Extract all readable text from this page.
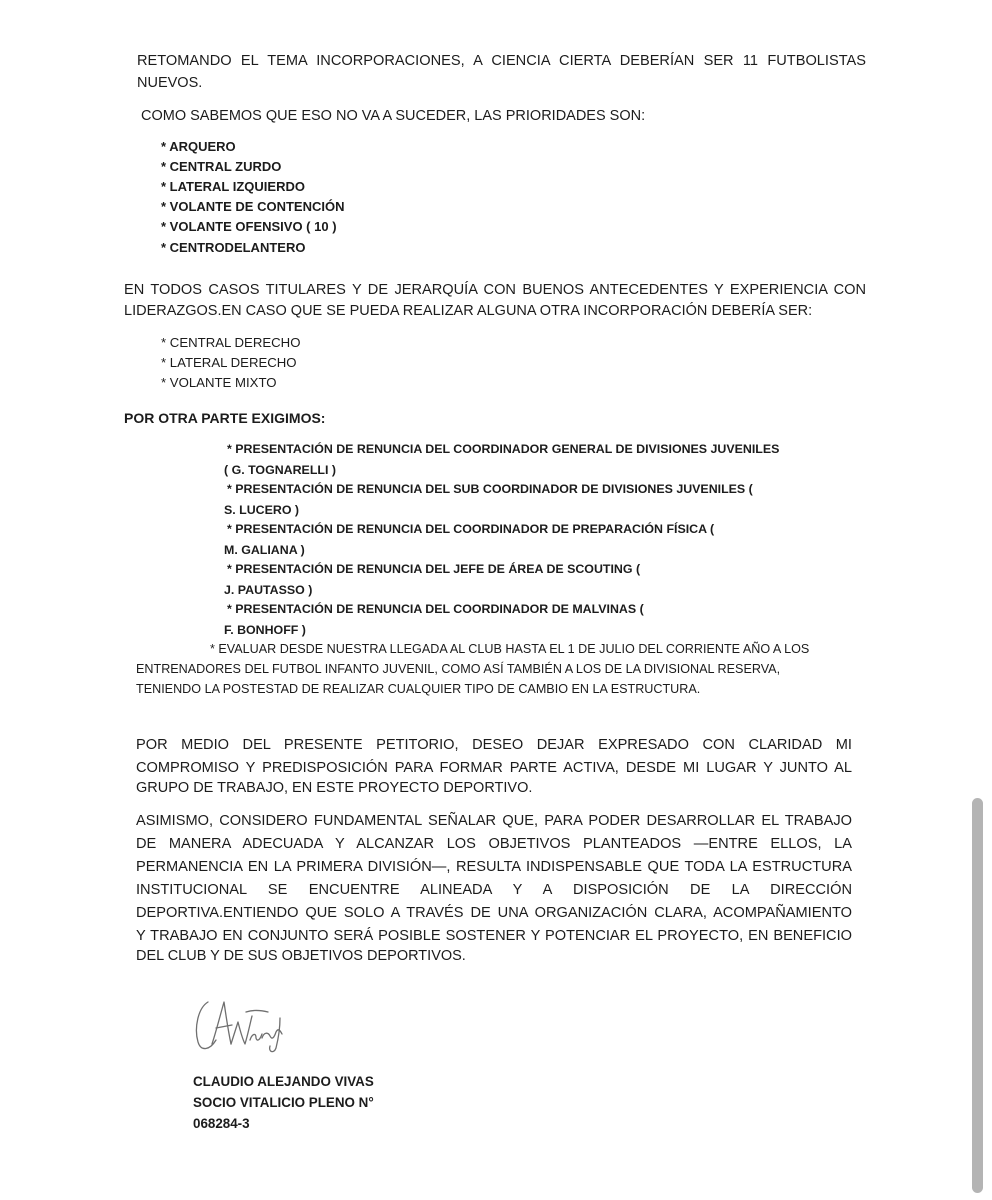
RETOMANDO EL TEMA INCORPORACIONES, A CIENCIA CIERTA DEBERÍAN SER 11 FUTBOLISTAS

NUEVOS.

COMO SABEMOS QUE ESO NO VA A SUCEDER, LAS PRIORIDADES SON:

* ARQUERO

* CENTRAL ZURDO

* LATERAL IZQUIERDO

* VOLANTE DE CONTENCIÓN

* VOLANTE OFENSIVO ( 10 )

* CENTRODELANTERO

EN TODOS CASOS TITULARES Y DE JERARQUÍA CON BUENOS ANTECEDENTES Y EXPERIENCIA CON

LIDERAZGOS.EN CASO QUE SE PUEDA REALIZAR ALGUNA OTRA INCORPORACIÓN DEBERÍA SER:

* CENTRAL DERECHO

* LATERAL DERECHO

* VOLANTE MIXTO

POR OTRA PARTE EXIGIMOS:

* PRESENTACIÓN DE RENUNCIA DEL COORDINADOR GENERAL DE DIVISIONES JUVENILES

( G. TOGNARELLI )

* PRESENTACIÓN DE RENUNCIA DEL SUB COORDINADOR DE DIVISIONES JUVENILES (

S. LUCERO )

* PRESENTACIÓN DE RENUNCIA DEL COORDINADOR DE PREPARACIÓN FÍSICA (

M. GALIANA )

* PRESENTACIÓN DE RENUNCIA DEL JEFE DE ÁREA DE SCOUTING (

J. PAUTASSO )

* PRESENTACIÓN DE RENUNCIA DEL COORDINADOR DE MALVINAS (

F. BONHOFF )

* EVALUAR DESDE NUESTRA LLEGADA AL CLUB HASTA EL 1 DE JULIO DEL CORRIENTE AÑO A LOS

ENTRENADORES DEL FUTBOL INFANTO JUVENIL, COMO ASÍ TAMBIÉN A LOS DE LA DIVISIONAL RESERVA,

TENIENDO LA POSTESTAD DE REALIZAR CUALQUIER TIPO DE CAMBIO EN LA ESTRUCTURA.

POR MEDIO DEL PRESENTE PETITORIO, DESEO DEJAR EXPRESADO CON CLARIDAD MI

COMPROMISO Y PREDISPOSICIÓN PARA FORMAR PARTE ACTIVA, DESDE MI LUGAR Y JUNTO AL

GRUPO DE TRABAJO, EN ESTE PROYECTO DEPORTIVO.

ASIMISMO, CONSIDERO FUNDAMENTAL SEÑALAR QUE, PARA PODER DESARROLLAR EL TRABAJO

DE MANERA ADECUADA Y ALCANZAR LOS OBJETIVOS PLANTEADOS —ENTRE ELLOS, LA

PERMANENCIA EN LA PRIMERA DIVISIÓN—, RESULTA INDISPENSABLE QUE TODA LA ESTRUCTURA

INSTITUCIONAL SE ENCUENTRE ALINEADA Y A DISPOSICIÓN DE LA DIRECCIÓN

DEPORTIVA.ENTIENDO QUE SOLO A TRAVÉS DE UNA ORGANIZACIÓN CLARA, ACOMPAÑAMIENTO

Y TRABAJO EN CONJUNTO SERÁ POSIBLE SOSTENER Y POTENCIAR EL PROYECTO, EN BENEFICIO

DEL CLUB Y DE SUS OBJETIVOS DEPORTIVOS.

CLAUDIO ALEJANDO VIVAS

SOCIO VITALICIO PLENO N°

068284-3
